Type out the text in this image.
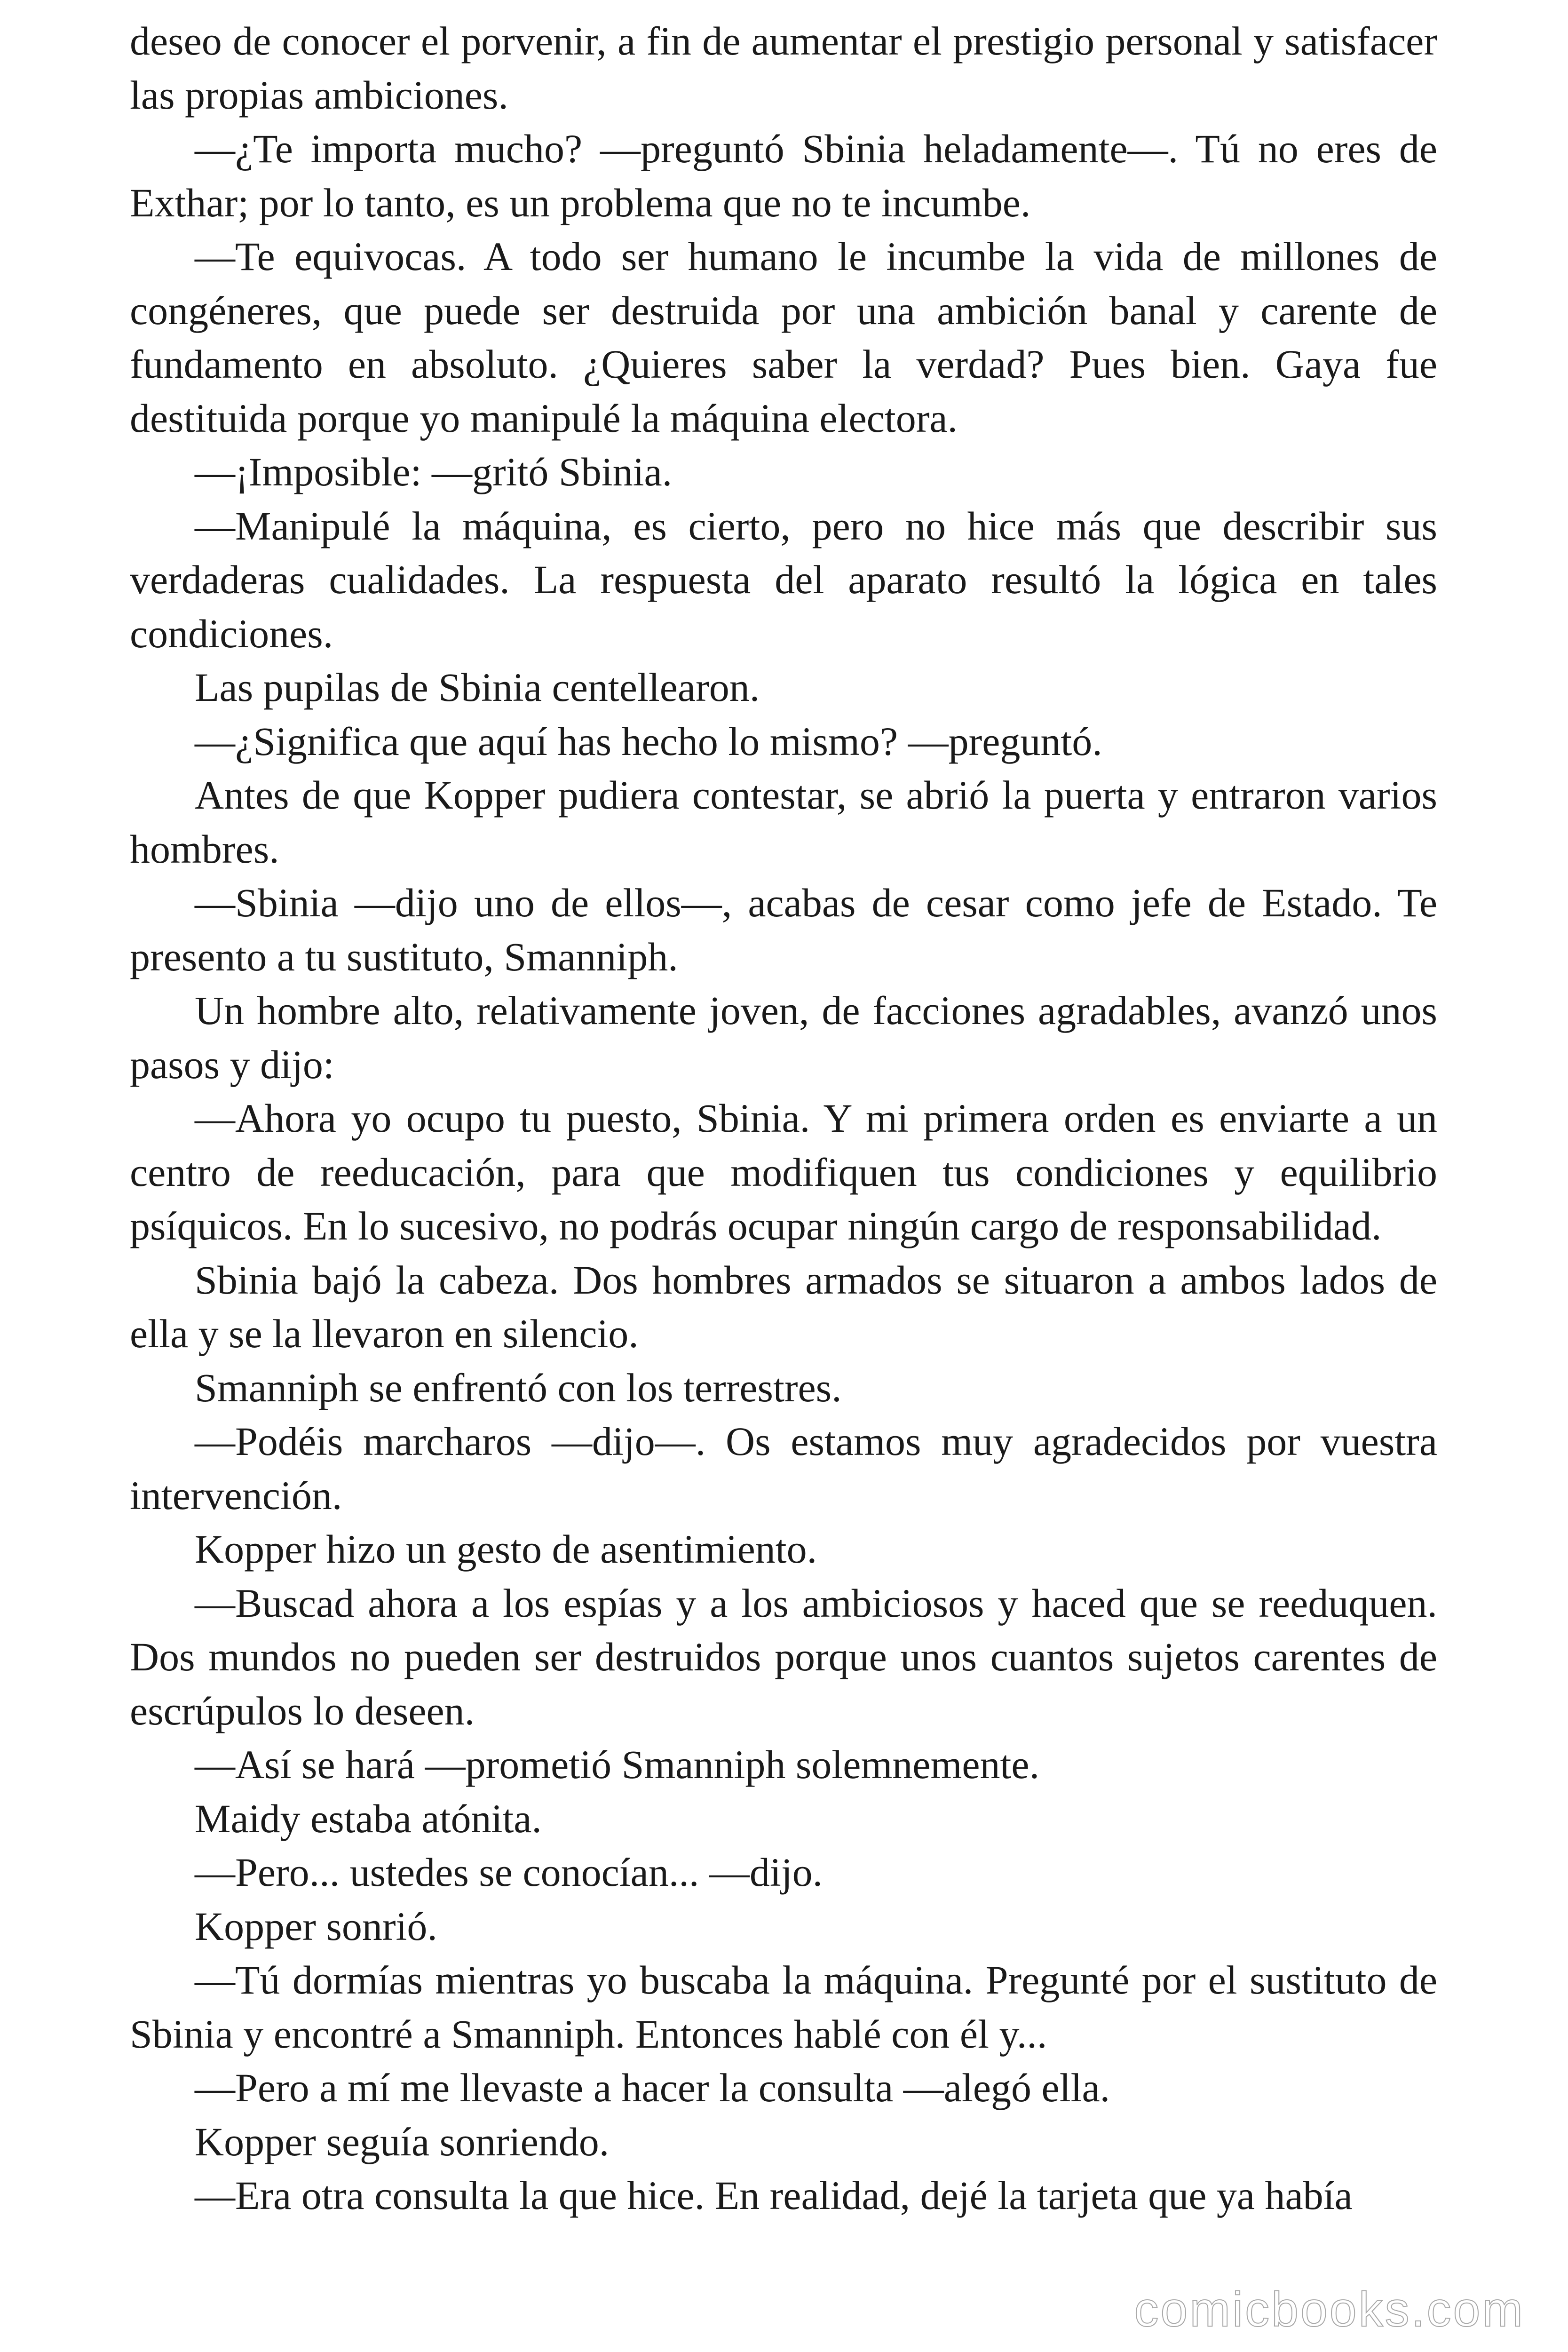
deseo de conocer el porvenir, a fin de aumentar el prestigio personal y satisfacer las propias ambiciones.

—¿Te importa mucho? —preguntó Sbinia heladamente—. Tú no eres de Exthar; por lo tanto, es un problema que no te incumbe.

—Te equivocas. A todo ser humano le incumbe la vida de millones de congéneres, que puede ser destruida por una ambición banal y carente de fundamento en absoluto. ¿Quieres saber la verdad? Pues bien. Gaya fue destituida porque yo manipulé la máquina electora.

—¡Imposible: —gritó Sbinia.

—Manipulé la máquina, es cierto, pero no hice más que describir sus verdaderas cualidades. La respuesta del aparato resultó la lógica en tales condiciones.

Las pupilas de Sbinia centellearon.

—¿Significa que aquí has hecho lo mismo? —preguntó.

Antes de que Kopper pudiera contestar, se abrió la puerta y entraron varios hombres.

—Sbinia —dijo uno de ellos—, acabas de cesar como jefe de Estado. Te presento a tu sustituto, Smanniph.

Un hombre alto, relativamente joven, de facciones agradables, avanzó unos pasos y dijo:

—Ahora yo ocupo tu puesto, Sbinia. Y mi primera orden es enviarte a un centro de reeducación, para que modifiquen tus condiciones y equilibrio psíquicos. En lo sucesivo, no podrás ocupar ningún cargo de responsabilidad.

Sbinia bajó la cabeza. Dos hombres armados se situaron a ambos lados de ella y se la llevaron en silencio.

Smanniph se enfrentó con los terrestres.

—Podéis marcharos —dijo—. Os estamos muy agradecidos por vuestra intervención.

Kopper hizo un gesto de asentimiento.

—Buscad ahora a los espías y a los ambiciosos y haced que se reeduquen. Dos mundos no pueden ser destruidos porque unos cuantos sujetos carentes de escrúpulos lo deseen.

—Así se hará —prometió Smanniph solemnemente.

Maidy estaba atónita.

—Pero... ustedes se conocían... —dijo.

Kopper sonrió.

—Tú dormías mientras yo buscaba la máquina. Pregunté por el sustituto de Sbinia y encontré a Smanniph. Entonces hablé con él y...

—Pero a mí me llevaste a hacer la consulta —alegó ella.

Kopper seguía sonriendo.

—Era otra consulta la que hice. En realidad, dejé la tarjeta que ya había

comicbooks.com
